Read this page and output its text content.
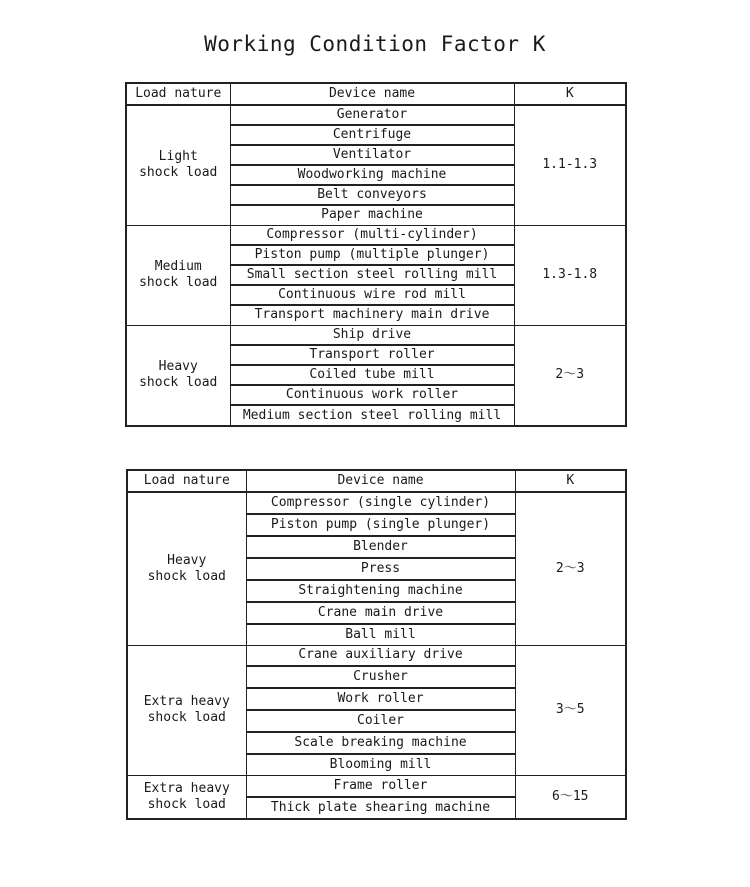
Working Condition Factor K
Load nature	Device name	K
Light
shock load	Generator	1.1-1.3
	Centrifuge	
	Ventilator	
	Woodworking machine	
	Belt conveyors	
	Paper machine	
Medium
shock load	Compressor (multi-cylinder)	1.3-1.8
	Piston pump (multiple plunger)	
	Small section steel rolling mill	
	Continuous wire rod mill	
	Transport machinery main drive	
Heavy
shock load	Ship drive	2～3
	Transport roller	
	Coiled tube mill	
	Continuous work roller	
	Medium section steel rolling mill	
Load nature	Device name	K
Heavy
shock load	Compressor (single cylinder)	2～3
	Piston pump (single plunger)	
	Blender	
	Press	
	Straightening machine	
	Crane main drive	
	Ball mill	
Extra heavy
shock load	Crane auxiliary drive	3～5
	Crusher	
	Work roller	
	Coiler	
	Scale breaking machine	
	Blooming mill	
Extra heavy
shock load	Frame roller	6～15
	Thick plate shearing machine	
